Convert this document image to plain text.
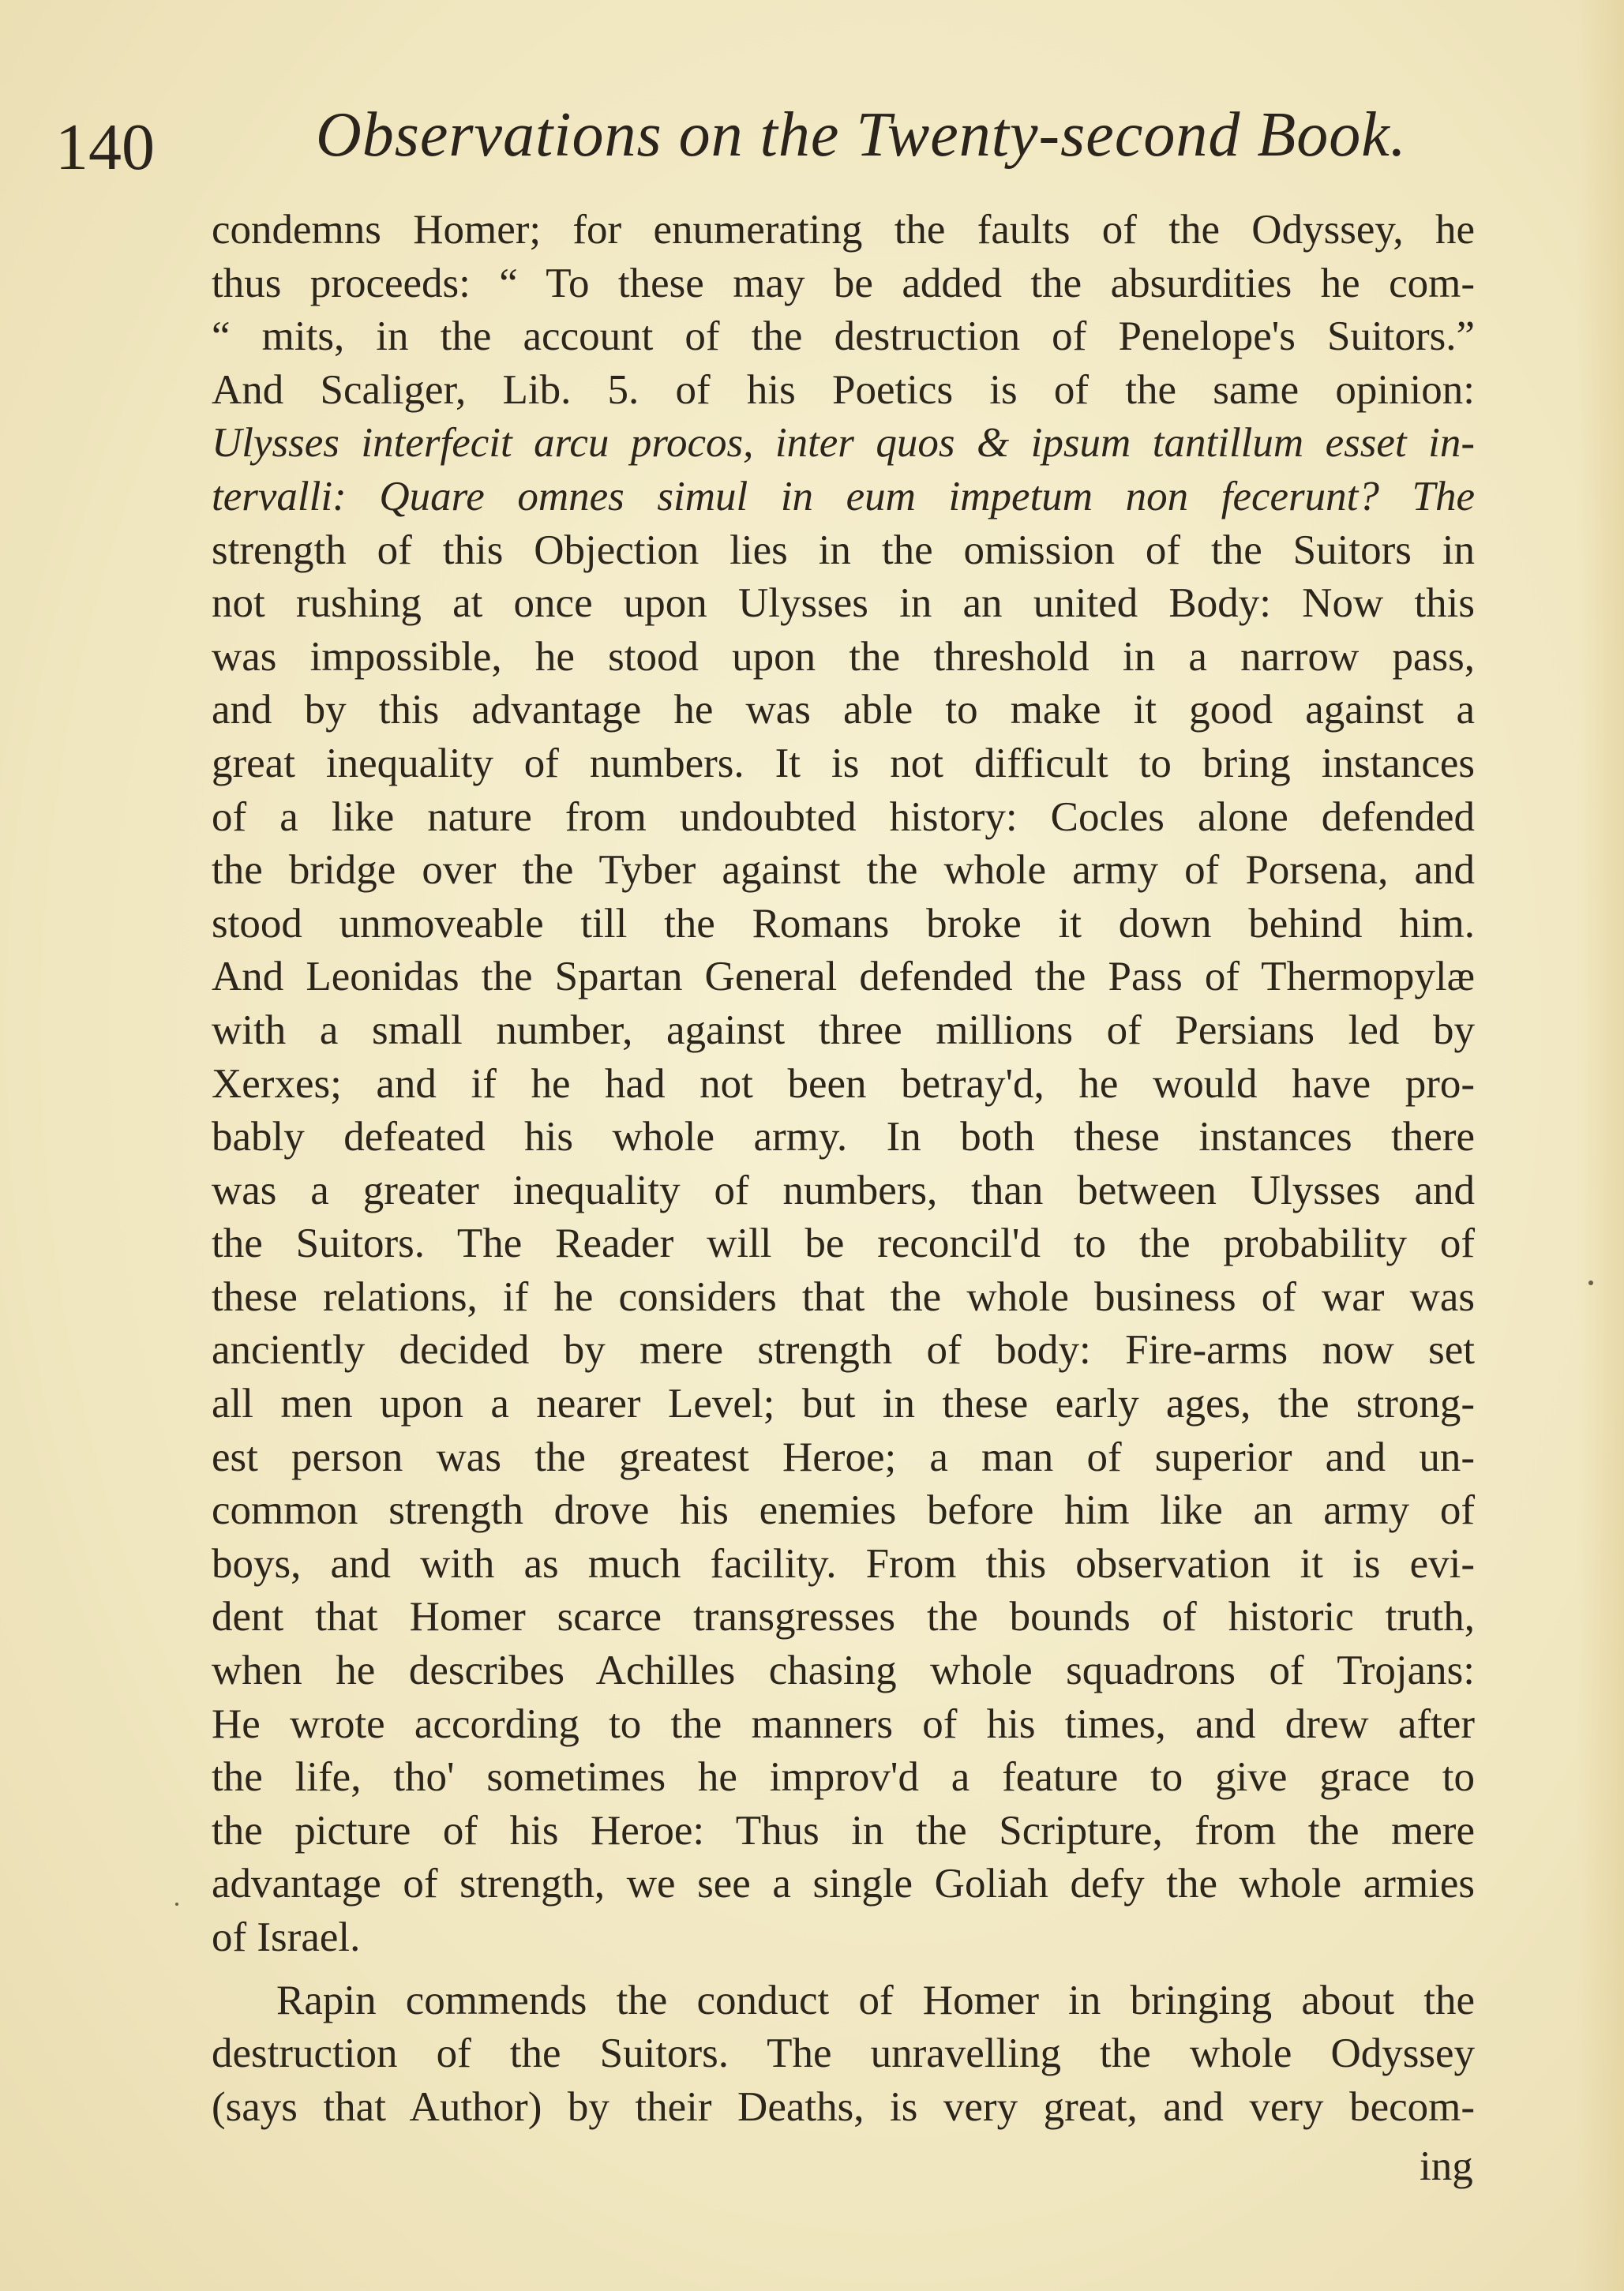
140	Observations on the Twenty-second Book.
condemns Homer; for enumerating the faults of the Odyssey, he
thus proceeds: “ To these may be added the absurdities he com-
“ mits, in the account of the destruction of Penelope's Suitors.”
And Scaliger, Lib. 5. of his Poetics is of the same opinion:
Ulysses interfecit arcu procos, inter quos & ipsum tantillum esset in-
tervalli: Quare omnes simul in eum impetum non fecerunt? The
strength of this Objection lies in the omission of the Suitors in
not rushing at once upon Ulysses in an united Body: Now this
was impossible, he stood upon the threshold in a narrow pass,
and by this advantage he was able to make it good against a
great inequality of numbers. It is not difficult to bring instances
of a like nature from undoubted history: Cocles alone defended
the bridge over the Tyber against the whole army of Porsena, and
stood unmoveable till the Romans broke it down behind him.
And Leonidas the Spartan General defended the Pass of Thermopylæ
with a small number, against three millions of Persians led by
Xerxes; and if he had not been betray'd, he would have pro-
bably defeated his whole army. In both these instances there
was a greater inequality of numbers, than between Ulysses and
the Suitors. The Reader will be reconcil'd to the probability of
these relations, if he considers that the whole business of war was
anciently decided by mere strength of body: Fire-arms now set
all men upon a nearer Level; but in these early ages, the strong-
est person was the greatest Heroe; a man of superior and un-
common strength drove his enemies before him like an army of
boys, and with as much facility. From this observation it is evi-
dent that Homer scarce transgresses the bounds of historic truth,
when he describes Achilles chasing whole squadrons of Trojans:
He wrote according to the manners of his times, and drew after
the life, tho' sometimes he improv'd a feature to give grace to
the picture of his Heroe: Thus in the Scripture, from the mere
advantage of strength, we see a single Goliah defy the whole armies
of Israel.
Rapin commends the conduct of Homer in bringing about the
destruction of the Suitors. The unravelling the whole Odyssey
(says that Author) by their Deaths, is very great, and very becom-
ing
